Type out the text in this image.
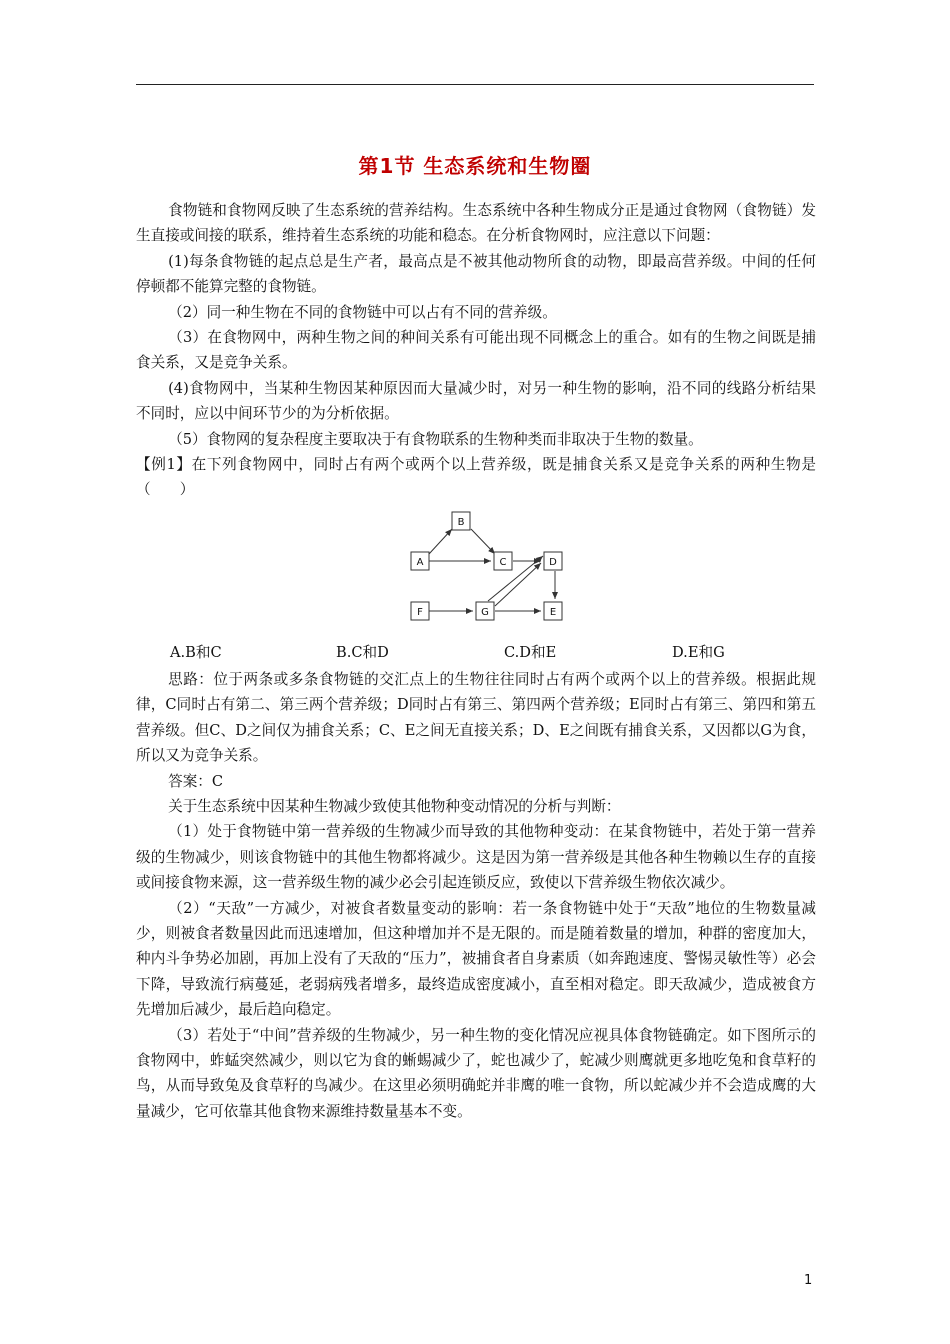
第1节 生态系统和生物圈

食物链和食物网反映了生态系统的营养结构。生态系统中各种生物成分正是通过食物网（食物链）发生直接或间接的联系，维持着生态系统的功能和稳态。在分析食物网时，应注意以下问题：

(1)每条食物链的起点总是生产者，最高点是不被其他动物所食的动物，即最高营养级。中间的任何停顿都不能算完整的食物链。

（2）同一种生物在不同的食物链中可以占有不同的营养级。

（3）在食物网中，两种生物之间的种间关系有可能出现不同概念上的重合。如有的生物之间既是捕食关系，又是竞争关系。

(4)食物网中，当某种生物因某种原因而大量减少时，对另一种生物的影响，沿不同的线路分析结果不同时，应以中间环节少的为分析依据。

（5）食物网的复杂程度主要取决于有食物联系的生物种类而非取决于生物的数量。

【例1】在下列食物网中，同时占有两个或两个以上营养级，既是捕食关系又是竞争关系的两种生物是（　　）

A
B
C	D
E
F	G
A.B和C	B.C和D	C.D和E	D.E和G

思路：位于两条或多条食物链的交汇点上的生物往往同时占有两个或两个以上的营养级。根据此规律，C同时占有第二、第三两个营养级；D同时占有第三、第四两个营养级；E同时占有第三、第四和第五营养级。但C、D之间仅为捕食关系；C、E之间无直接关系；D、E之间既有捕食关系，又因都以G为食，所以又为竞争关系。

答案：C

关于生态系统中因某种生物减少致使其他物种变动情况的分析与判断：

（1）处于食物链中第一营养级的生物减少而导致的其他物种变动：在某食物链中，若处于第一营养级的生物减少，则该食物链中的其他生物都将减少。这是因为第一营养级是其他各种生物赖以生存的直接或间接食物来源，这一营养级生物的减少必会引起连锁反应，致使以下营养级生物依次减少。

（2）“天敌”一方减少，对被食者数量变动的影响：若一条食物链中处于“天敌”地位的生物数量减少，则被食者数量因此而迅速增加，但这种增加并不是无限的。而是随着数量的增加，种群的密度加大，种内斗争势必加剧，再加上没有了天敌的“压力”，被捕食者自身素质（如奔跑速度、警惕灵敏性等）必会下降，导致流行病蔓延，老弱病残者增多，最终造成密度减小，直至相对稳定。即天敌减少，造成被食方先增加后减少，最后趋向稳定。

（3）若处于“中间”营养级的生物减少，另一种生物的变化情况应视具体食物链确定。如下图所示的食物网中，蚱蜢突然减少，则以它为食的蜥蜴减少了，蛇也减少了，蛇减少则鹰就更多地吃兔和食草籽的鸟，从而导致兔及食草籽的鸟减少。在这里必须明确蛇并非鹰的唯一食物，所以蛇减少并不会造成鹰的大量减少，它可依靠其他食物来源维持数量基本不变。

1
